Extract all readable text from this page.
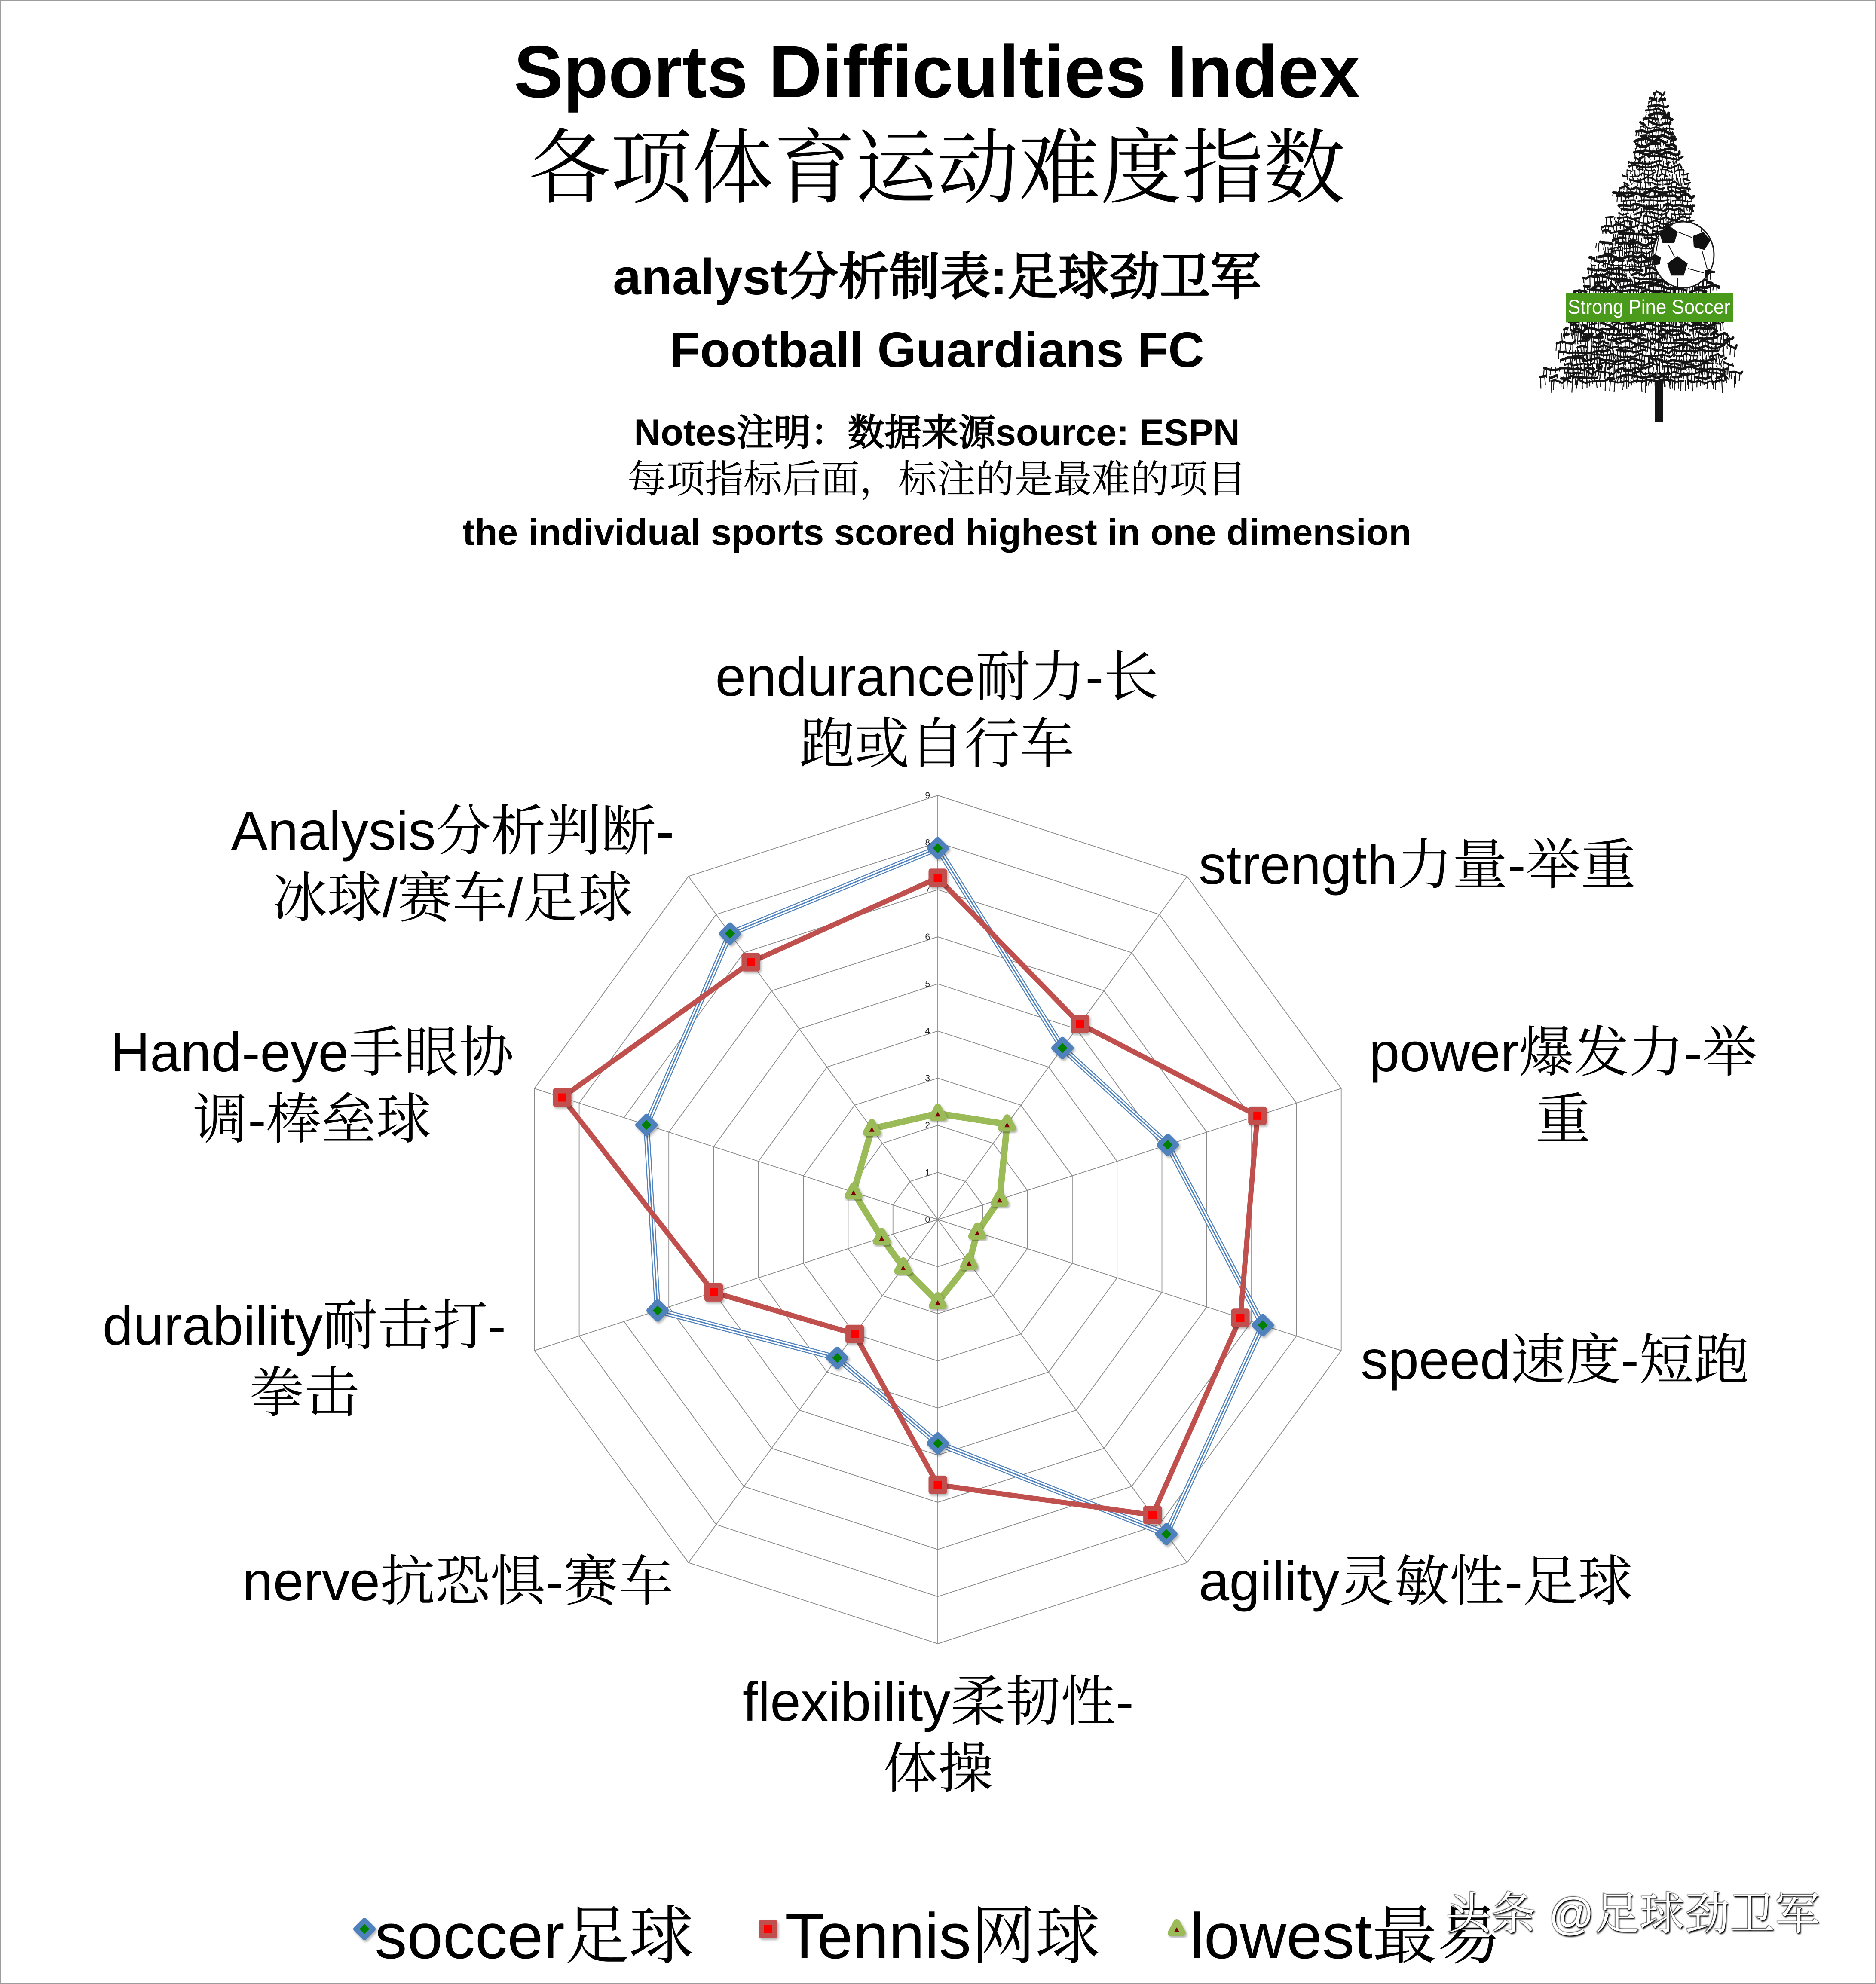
0
1
2
3
4
5
6
7
8
9
Sports Difficulties Index
各项体育运动难度指数
analyst分析制表:足球劲卫军
Football Guardians FC
Notes注明：数据来源source: ESPN
每项指标后面，标注的是最难的项目
the individual sports scored highest in one dimension
Strong Pine Soccer
endurance耐力-长
跑或自行车
strength力量-举重
power爆发力-举
重
speed速度-短跑
agility灵敏性-足球
flexibility柔韧性-
体操
nerve抗恐惧-赛车
durability耐击打-
拳击
Hand-eye手眼协
调-棒垒球
Analysis分析判断-
冰球/赛车/足球
soccer足球 Tennis网球 lowest最易
头条 @足球劲卫军
